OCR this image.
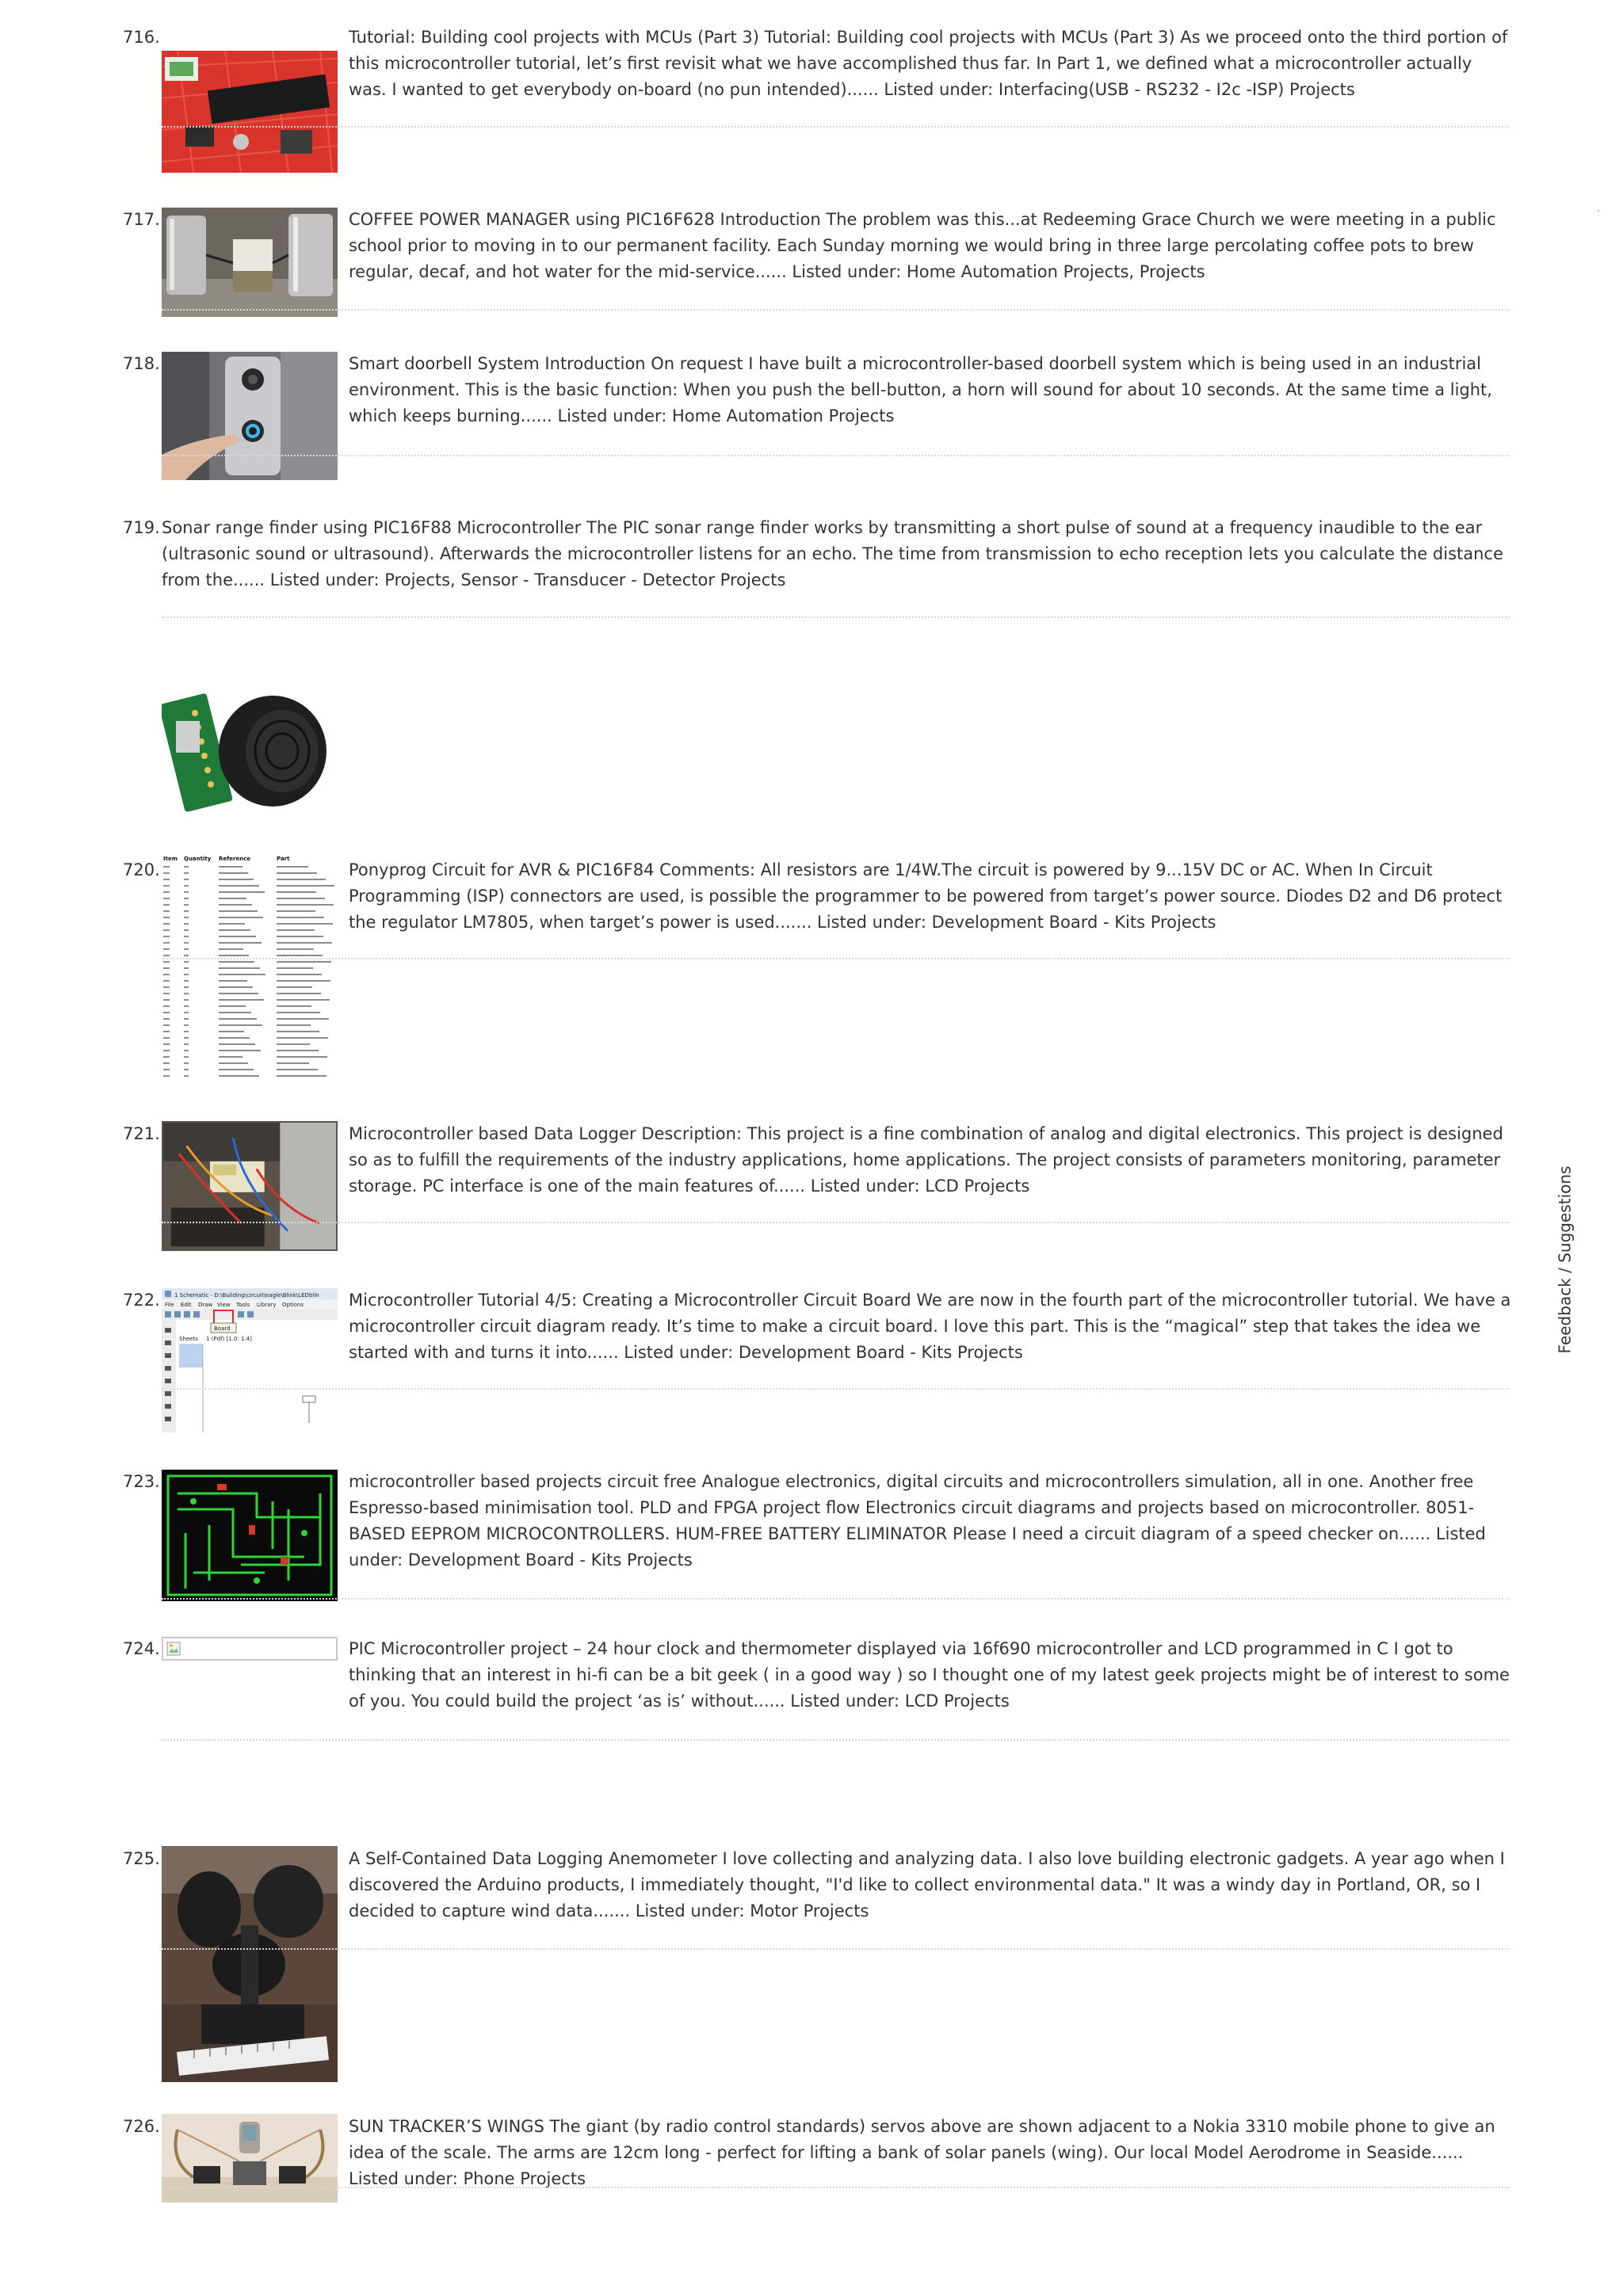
716.	Tutorial: Building cool projects with MCUs (Part 3) Tutorial: Building cool projects with MCUs (Part 3) As we proceed onto the third portion of this microcontroller tutorial, let’s first revisit what we have accomplished thus far. In Part 1, we defined what a microcontroller actually was. I wanted to get everybody on-board (no pun intended)...... Listed under: Interfacing(USB - RS232 - I2c -ISP) Projects
717.	COFFEE POWER MANAGER using PIC16F628 Introduction The problem was this...at Redeeming Grace Church we were meeting in a public school prior to moving in to our permanent facility. Each Sunday morning we would bring in three large percolating coffee pots to brew regular, decaf, and hot water for the mid-service...... Listed under: Home Automation Projects, Projects
718.	Smart doorbell System Introduction On request I have built a microcontroller-based doorbell system which is being used in an industrial environment. This is the basic function: When you push the bell-button, a horn will sound for about 10 seconds. At the same time a light, which keeps burning...... Listed under: Home Automation Projects
719. Sonar range finder using PIC16F88 Microcontroller The PIC sonar range finder works by transmitting a short pulse of sound at a frequency inaudible to the ear (ultrasonic sound or ultrasound). Afterwards the microcontroller listens for an echo. The time from transmission to echo reception lets you calculate the distance from the...... Listed under: Projects, Sensor - Transducer - Detector Projects
720.
Item Quantity Reference	Part
Ponyprog Circuit for AVR & PIC16F84 Comments: All resistors are 1/4W.The circuit is powered by 9...15V DC or AC. When In Circuit Programming (ISP) connectors are used, is possible the programmer to be powered from target’s power source. Diodes D2 and D6 protect the regulator LM7805, when target’s power is used....... Listed under: Development Board - Kits Projects
721.	Microcontroller based Data Logger Description: This project is a fine combination of analog and digital electronics. This project is designed so as to fulfill the requirements of the industry applications, home applications. The project consists of parameters monitoring, parameter storage. PC interface is one of the main features of...... Listed under: LCD Projects
722.	1 Schematic - D:\Building\circuit\eagle\Blink\LEDblin
File Edit Draw View Tools Library Options
Board
Sheets 1 (Pdf) [1.0: 1.4]
Microcontroller Tutorial 4/5: Creating a Microcontroller Circuit Board We are now in the fourth part of the microcontroller tutorial. We have a microcontroller circuit diagram ready. It’s time to make a circuit board. I love this part. This is the “magical” step that takes the idea we started with and turns it into...... Listed under: Development Board - Kits Projects
723.	microcontroller based projects circuit free Analogue electronics, digital circuits and microcontrollers simulation, all in one. Another free Espresso-based minimisation tool. PLD and FPGA project flow Electronics circuit diagrams and projects based on microcontroller. 8051-BASED EEPROM MICROCONTROLLERS. HUM-FREE BATTERY ELIMINATOR Please I need a circuit diagram of a speed checker on...... Listed under: Development Board - Kits Projects
724.	PIC Microcontroller project – 24 hour clock and thermometer displayed via 16f690 microcontroller and LCD programmed in C I got to thinking that an interest in hi-fi can be a bit geek ( in a good way ) so I thought one of my latest geek projects might be of interest to some of you. You could build the project ‘as is’ without...... Listed under: LCD Projects
725.	A Self-Contained Data Logging Anemometer I love collecting and analyzing data. I also love building electronic gadgets. A year ago when I discovered the Arduino products, I immediately thought, "I'd like to collect environmental data." It was a windy day in Portland, OR, so I decided to capture wind data....... Listed under: Motor Projects
726.	SUN TRACKER’S WINGS The giant (by radio control standards) servos above are shown adjacent to a Nokia 3310 mobile phone to give an idea of the scale. The arms are 12cm long - perfect for lifting a bank of solar panels (wing). Our local Model Aerodrome in Seaside...... Listed under: Phone Projects
Feedback / Suggestions
